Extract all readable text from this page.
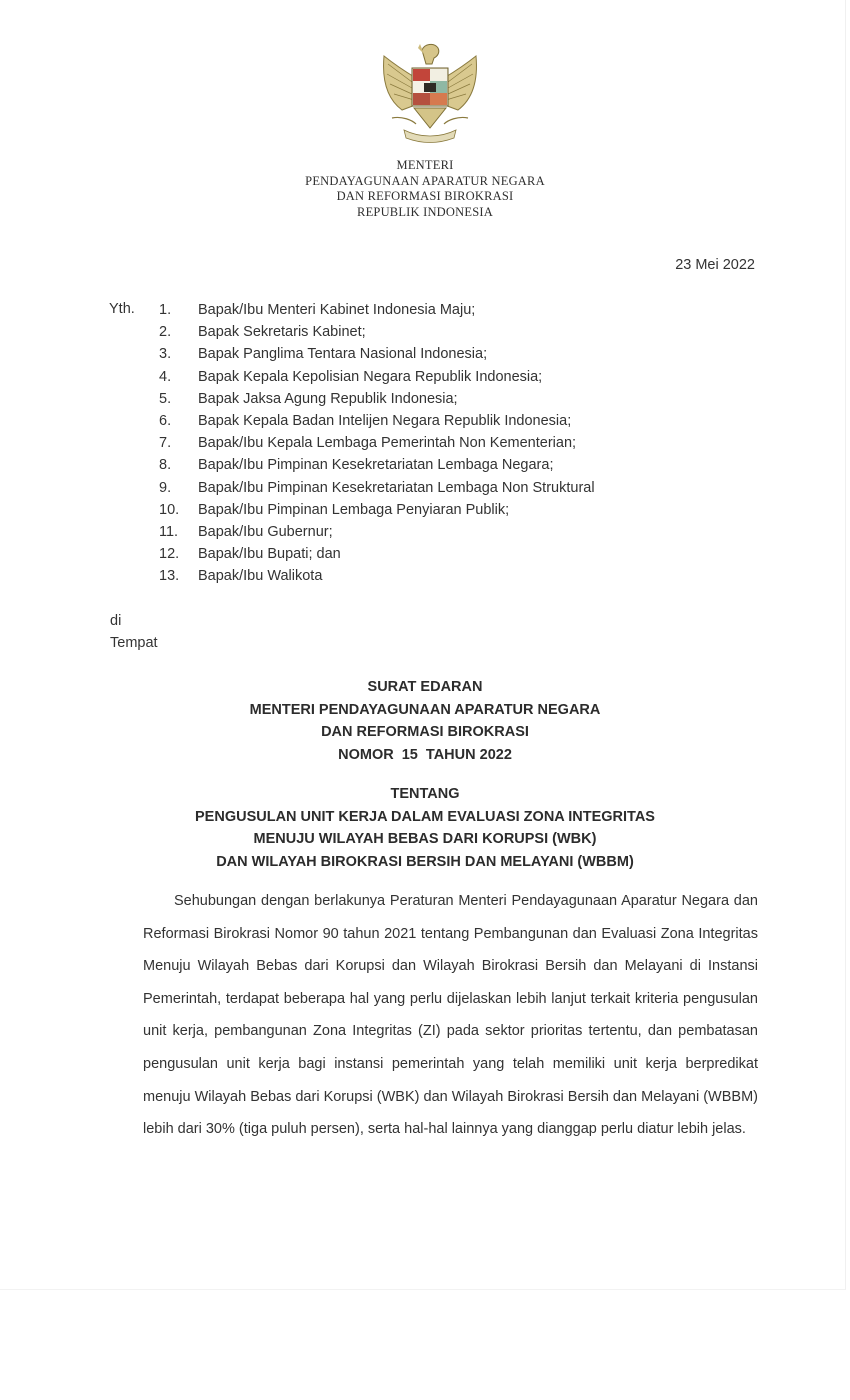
MENTERI
PENDAYAGUNAAN APARATUR NEGARA
DAN REFORMASI BIROKRASI
REPUBLIK INDONESIA
23 Mei 2022
Yth. 1.	Bapak/Ibu Menteri Kabinet Indonesia Maju;
2.	Bapak Sekretaris Kabinet;
3.	Bapak Panglima Tentara Nasional Indonesia;
4.	Bapak Kepala Kepolisian Negara Republik Indonesia;
5.	Bapak Jaksa Agung Republik Indonesia;
6.	Bapak Kepala Badan Intelijen Negara Republik Indonesia;
7.	Bapak/Ibu Kepala Lembaga Pemerintah Non Kementerian;
8.	Bapak/Ibu Pimpinan Kesekretariatan Lembaga Negara;
9.	Bapak/Ibu Pimpinan Kesekretariatan Lembaga Non Struktural
10.	Bapak/Ibu Pimpinan Lembaga Penyiaran Publik;
11.	Bapak/Ibu Gubernur;
12.	Bapak/Ibu Bupati; dan
13.	Bapak/Ibu Walikota
di
Tempat
SURAT EDARAN
MENTERI PENDAYAGUNAAN APARATUR NEGARA
DAN REFORMASI BIROKRASI
NOMOR  15  TAHUN 2022
TENTANG
PENGUSULAN UNIT KERJA DALAM EVALUASI ZONA INTEGRITAS
MENUJU WILAYAH BEBAS DARI KORUPSI (WBK)
DAN WILAYAH BIROKRASI BERSIH DAN MELAYANI (WBBM)

Sehubungan dengan berlakunya Peraturan Menteri Pendayagunaan Aparatur Negara dan Reformasi Birokrasi Nomor 90 tahun 2021 tentang Pembangunan dan Evaluasi Zona Integritas Menuju Wilayah Bebas dari Korupsi dan Wilayah Birokrasi Bersih dan Melayani di Instansi Pemerintah, terdapat beberapa hal yang perlu dijelaskan lebih lanjut terkait kriteria pengusulan unit kerja, pembangunan Zona Integritas (ZI) pada sektor prioritas tertentu, dan pembatasan pengusulan unit kerja bagi instansi pemerintah yang telah memiliki unit kerja berpredikat menuju Wilayah Bebas dari Korupsi (WBK) dan Wilayah Birokrasi Bersih dan Melayani (WBBM) lebih dari 30% (tiga puluh persen), serta hal-hal lainnya yang dianggap perlu diatur lebih jelas.
